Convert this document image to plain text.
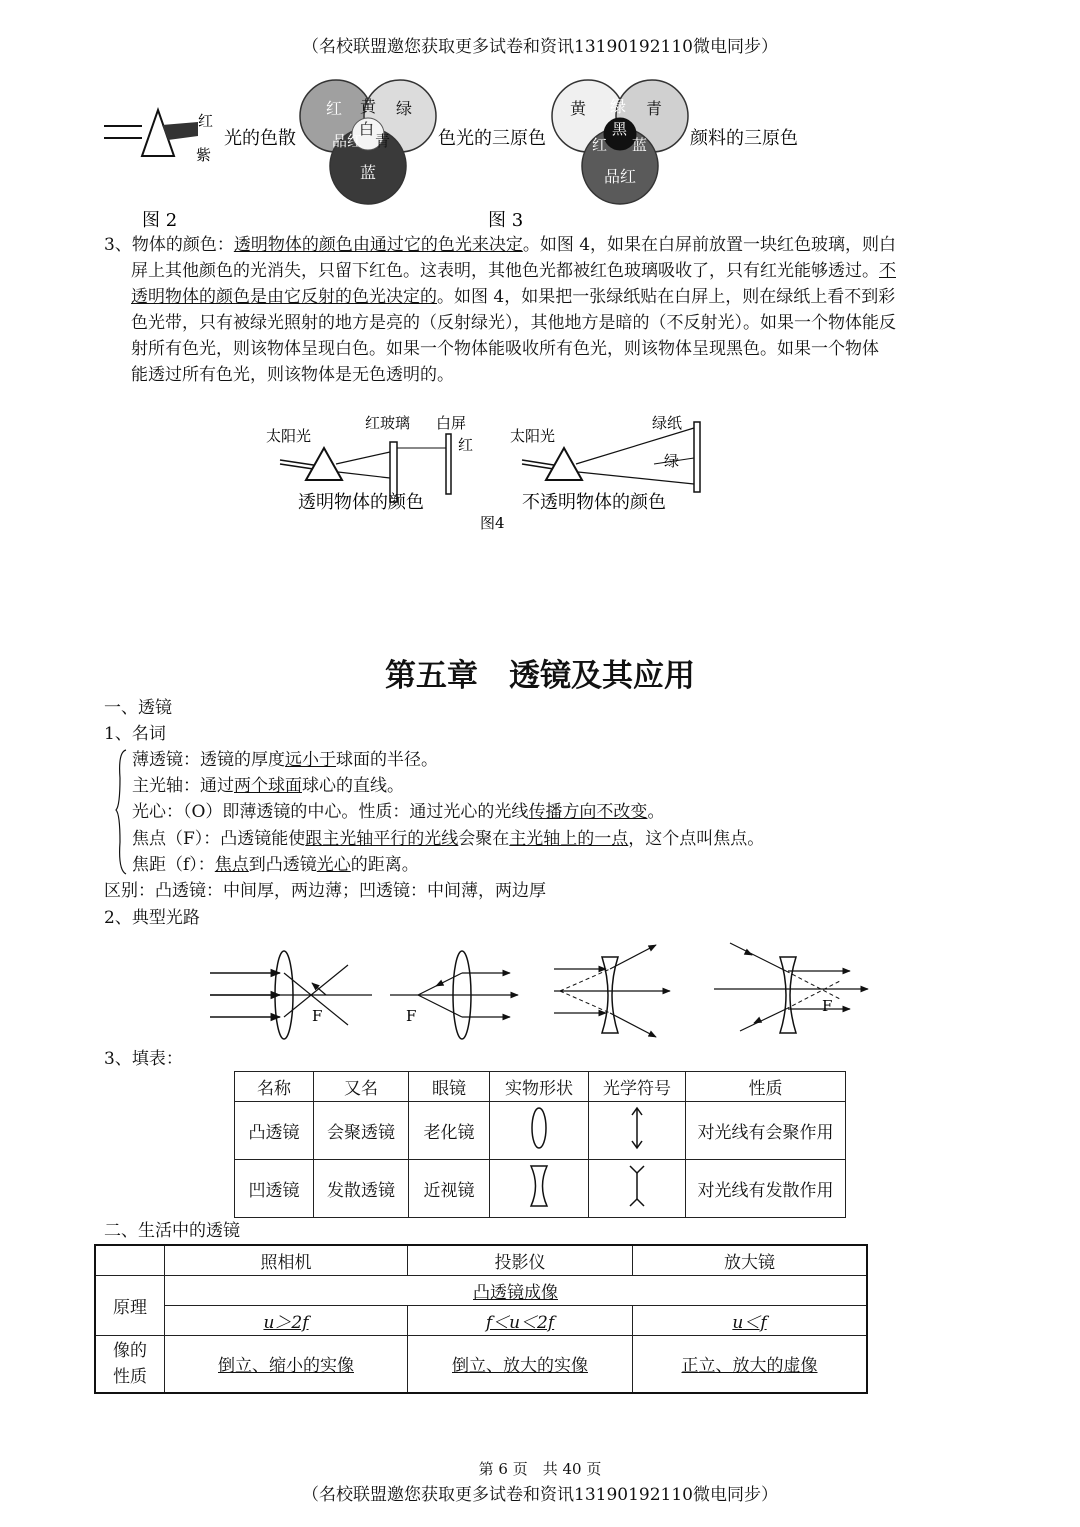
（名校联盟邀您获取更多试卷和资讯13190192110微电同步）
红
紫
光的色散
红 黄 绿
白
品红 青
蓝
色光的三原色
黄 绿 青
黑
红 蓝
品红
颜料的三原色
图 2	图 3
3、物体的颜色：透明物体的颜色由通过它的色光来决定。如图 4，如果在白屏前放置一块红色玻璃，则白
屏上其他颜色的光消失，只留下红色。这表明，其他色光都被红色玻璃吸收了，只有红光能够透过。不
透明物体的颜色是由它反射的色光决定的。如图 4，如果把一张绿纸贴在白屏上，则在绿纸上看不到彩
色光带，只有被绿光照射的地方是亮的（反射绿光），其他地方是暗的（不反射光）。如果一个物体能反
射所有色光，则该物体呈现白色。如果一个物体能吸收所有色光，则该物体呈现黑色。如果一个物体
能透过所有色光，则该物体是无色透明的。
太阳光
红玻璃 白屏
红 太阳光
绿纸
绿
透明物体的颜色	不透明物体的颜色
图4
第五章　透镜及其应用
一、透镜
1、名词
薄透镜：透镜的厚度远小于球面的半径。
主光轴：通过两个球面球心的直线。
光心：（O）即薄透镜的中心。性质：通过光心的光线传播方向不改变。
焦点（F）：凸透镜能使跟主光轴平行的光线会聚在主光轴上的一点，这个点叫焦点。
焦距（f）：焦点到凸透镜光心的距离。
区别：凸透镜：中间厚，两边薄；凹透镜：中间薄，两边厚
2、典型光路
F	F
F
3、填表：
名称	又名	眼镜	实物形状	光学符号	性质
凸透镜	会聚透镜	老化镜			对光线有会聚作用
凹透镜	发散透镜	近视镜			对光线有发散作用
二、生活中的透镜
	照相机	投影仪	放大镜
原理	凸透镜成像		
	u＞2f	f＜u＜2f	u＜f
像的
性质	倒立、缩小的实像	倒立、放大的实像	正立、放大的虚像
第 6 页　共 40 页
（名校联盟邀您获取更多试卷和资讯13190192110微电同步）
